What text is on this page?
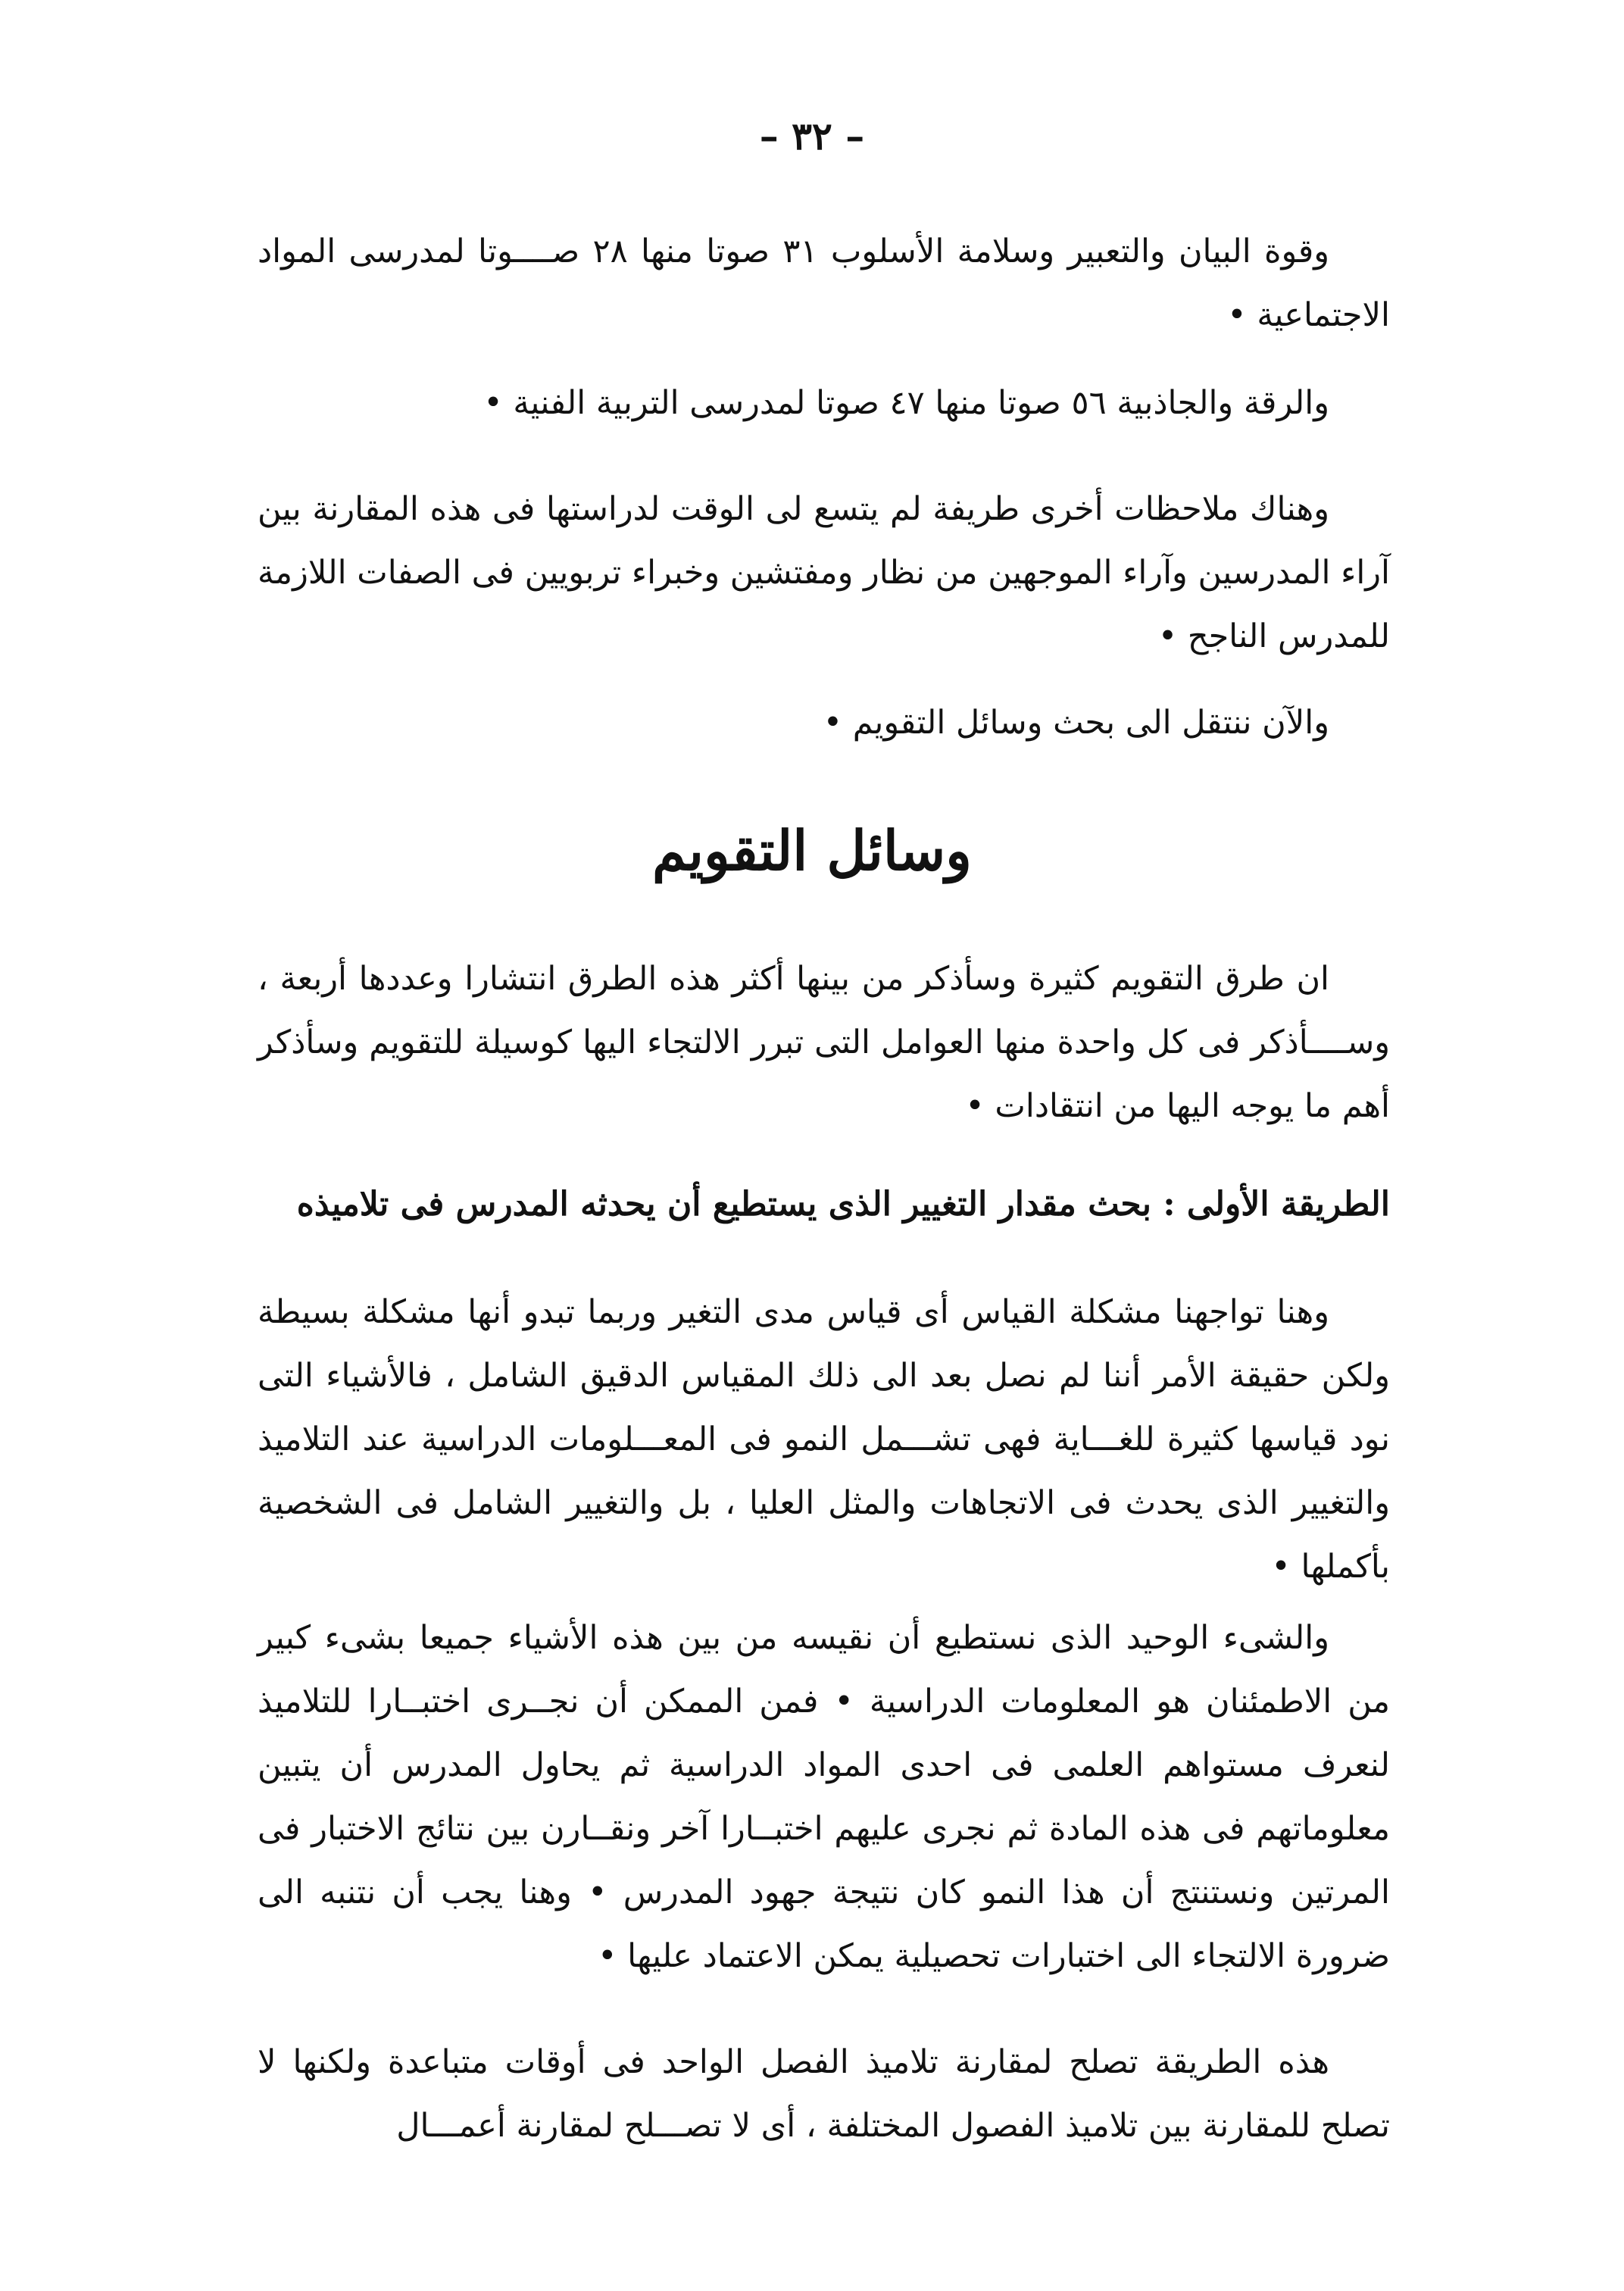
– ٣٢ –
وقوة البيان والتعبير وسلامة الأسلوب ٣١ صوتا منها ٢٨ صــــوتا لمدرسى المواد الاجتماعية •
والرقة والجاذبية ٥٦ صوتا منها ٤٧ صوتا لمدرسى التربية الفنية •
وهناك ملاحظات أخرى طريفة لم يتسع لى الوقت لدراستها فى هذه المقارنة بين آراء المدرسين وآراء الموجهين من نظار ومفتشين وخبراء تربويين فى الصفات اللازمة للمدرس الناجح •
والآن ننتقل الى بحث وسائل التقويم •
وسائل التقويم
ان طرق التقويم كثيرة وسأذكر من بينها أكثر هذه الطرق انتشارا وعددها أربعة ، وســــأذكر فى كل واحدة منها العوامل التى تبرر الالتجاء اليها كوسيلة للتقويم وسأذكر أهم ما يوجه اليها من انتقادات •
الطريقة الأولى : بحث مقدار التغيير الذى يستطيع أن يحدثه المدرس فى تلاميذه
وهنا تواجهنا مشكلة القياس أى قياس مدى التغير وربما تبدو أنها مشكلة بسيطة ولكن حقيقة الأمر أننا لم نصل بعد الى ذلك المقياس الدقيق الشامل ، فالأشياء التى نود قياسها كثيرة للغـــاية فهى تشـــمل النمو فى المعـــلومات الدراسية عند التلاميذ والتغيير الذى يحدث فى الاتجاهات والمثل العليا ، بل والتغيير الشامل فى الشخصية بأكملها •
والشىء الوحيد الذى نستطيع أن نقيسه من بين هذه الأشياء جميعا بشىء كبير من الاطمئنان هو المعلومات الدراسية • فمن الممكن أن نجــرى اختبــارا للتلاميذ لنعرف مستواهم العلمى فى احدى المواد الدراسية ثم يحاول المدرس أن يتبين معلوماتهم فى هذه المادة ثم نجرى عليهم اختبــارا آخر ونقــارن بين نتائج الاختبار فى المرتين ونستنتج أن هذا النمو كان نتيجة جهود المدرس • وهنا يجب أن نتنبه الى ضرورة الالتجاء الى اختبارات تحصيلية يمكن الاعتماد عليها •
هذه الطريقة تصلح لمقارنة تلاميذ الفصل الواحد فى أوقات متباعدة ولكنها لا تصلح للمقارنة بين تلاميذ الفصول المختلفة ، أى لا تصـــلح لمقارنة أعمـــال
